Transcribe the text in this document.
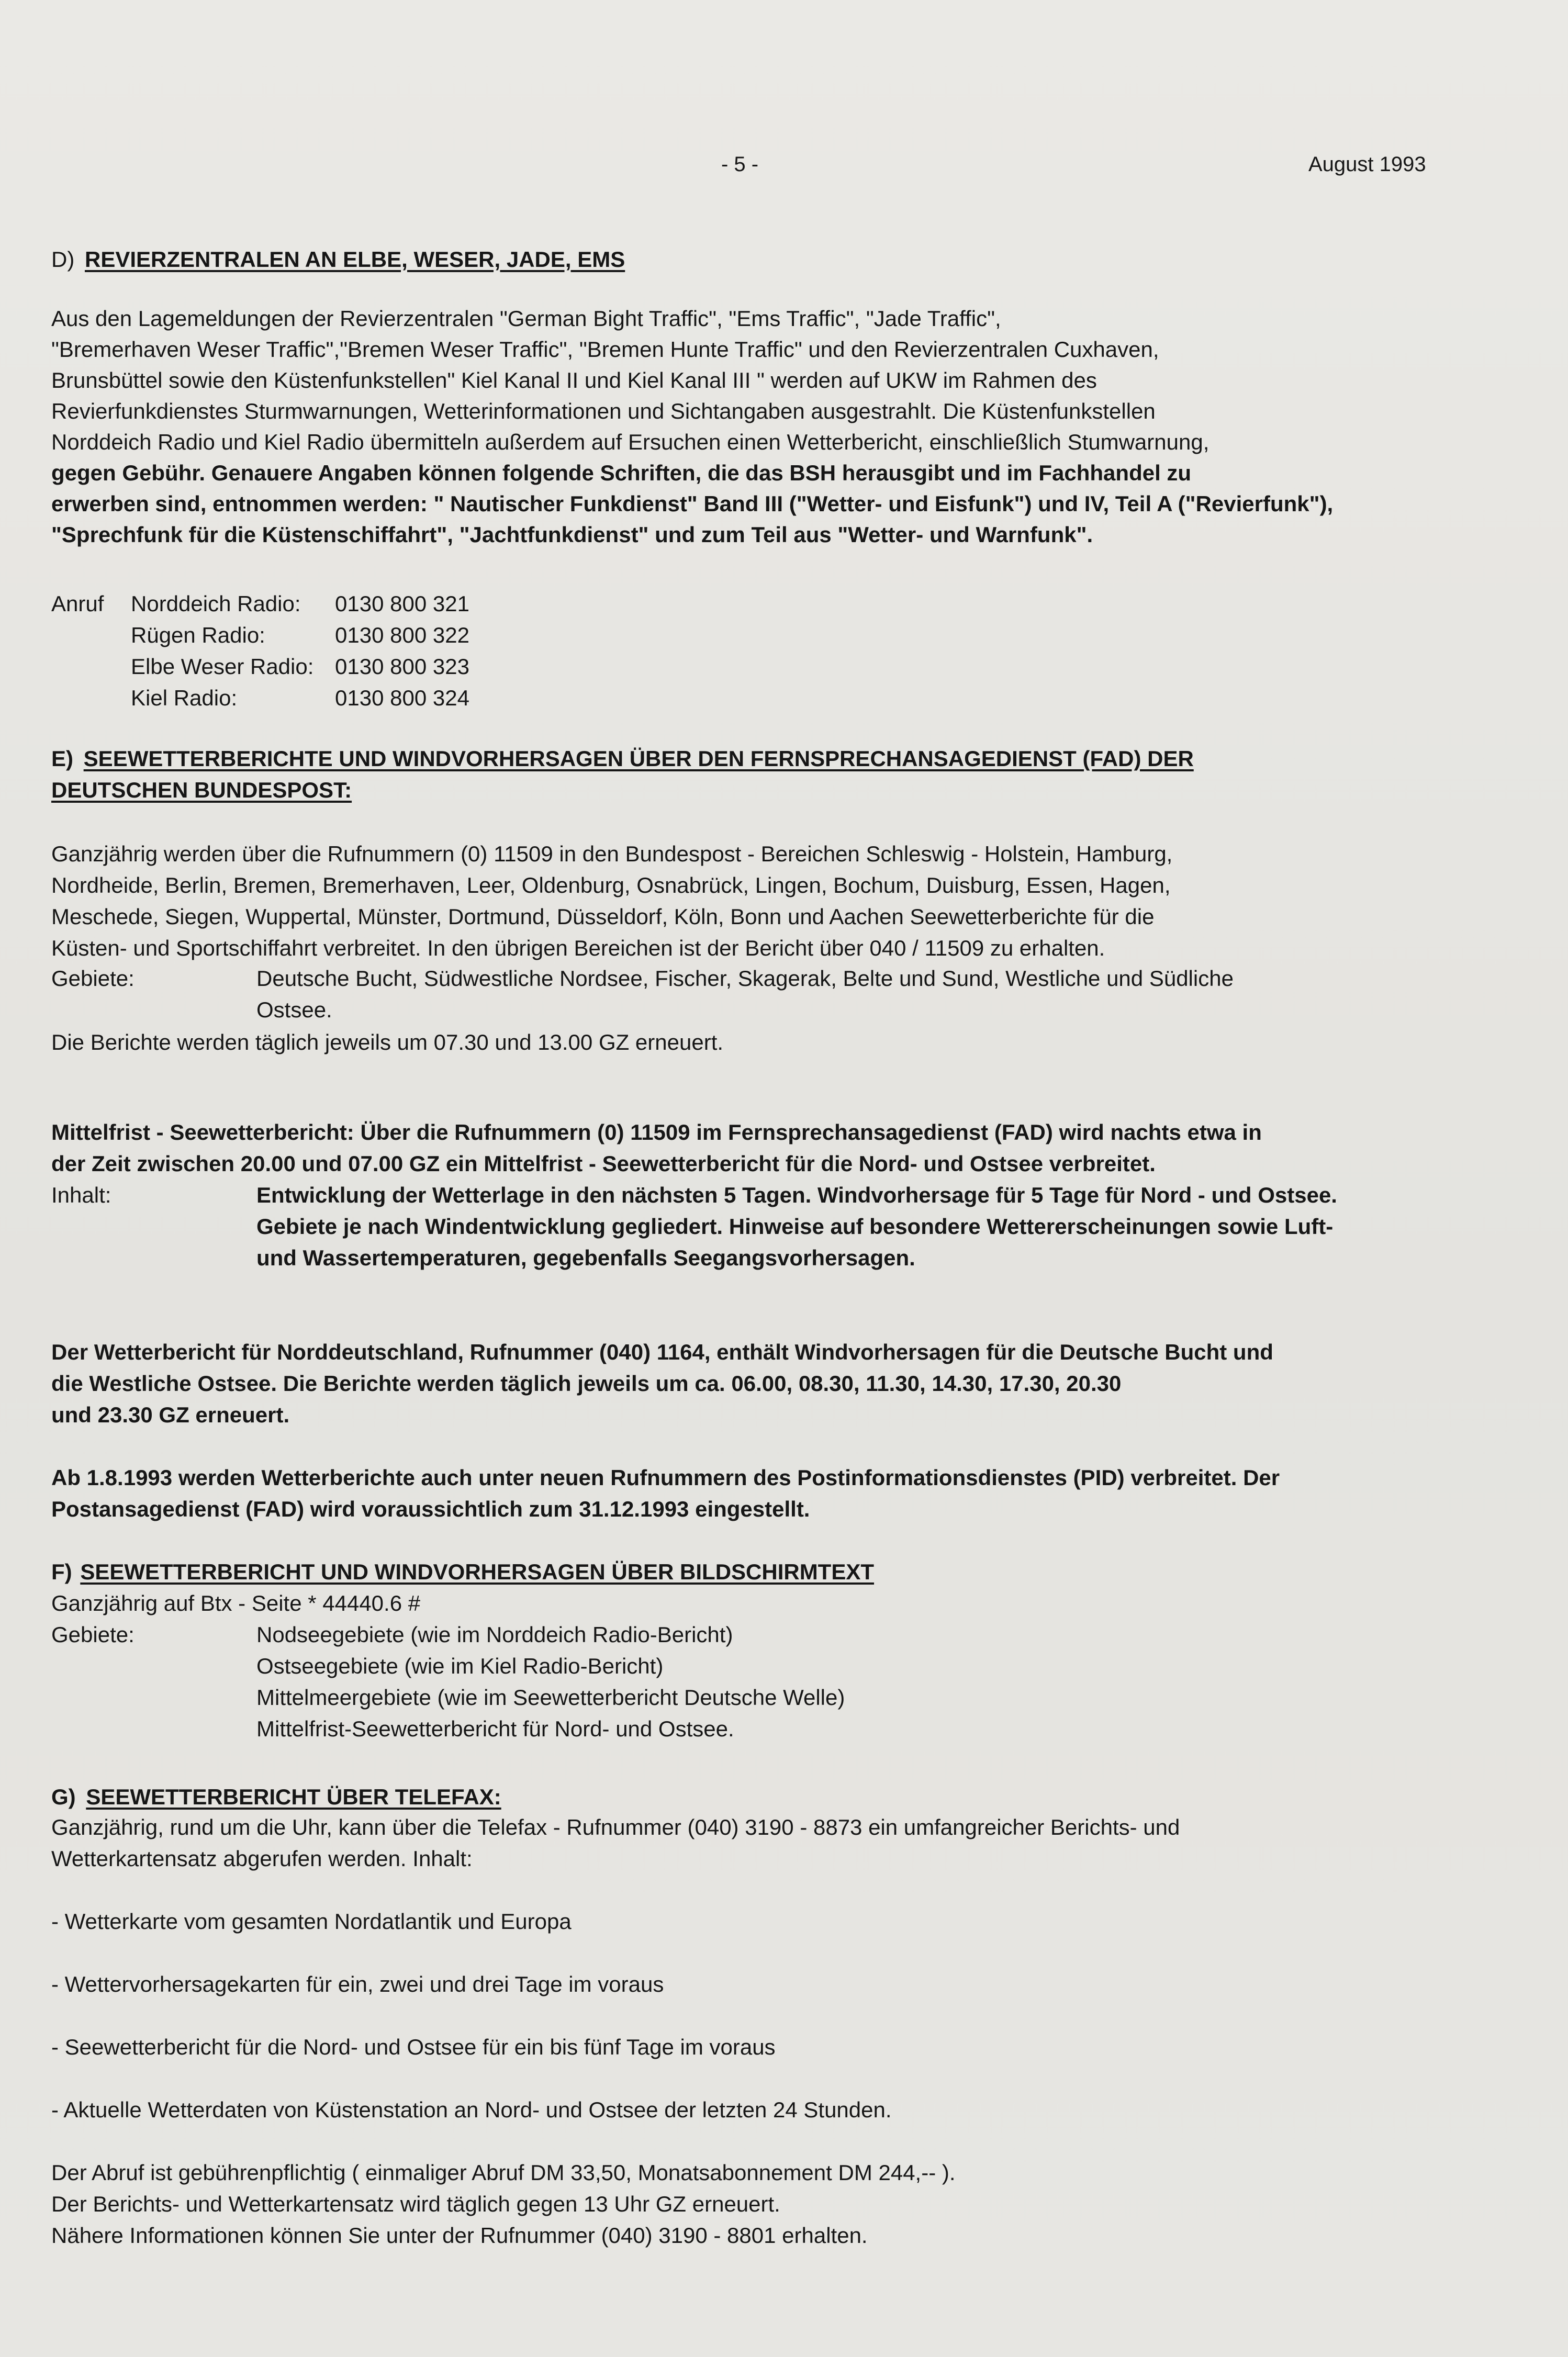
- 5 -	August 1993
D) REVIERZENTRALEN AN ELBE, WESER, JADE, EMS
Aus den Lagemeldungen der Revierzentralen "German Bight Traffic", "Ems Traffic", "Jade Traffic",
"Bremerhaven Weser Traffic","Bremen Weser Traffic", "Bremen Hunte Traffic" und den Revierzentralen Cuxhaven,
Brunsbüttel sowie den Küstenfunkstellen" Kiel Kanal II und Kiel Kanal III " werden auf UKW im Rahmen des
Revierfunkdienstes Sturmwarnungen, Wetterinformationen und Sichtangaben ausgestrahlt. Die Küstenfunkstellen
Norddeich Radio und Kiel Radio übermitteln außerdem auf Ersuchen einen Wetterbericht, einschließlich Stumwarnung,
gegen Gebühr. Genauere Angaben können folgende Schriften, die das BSH herausgibt und im Fachhandel zu
erwerben sind, entnommen werden: " Nautischer Funkdienst" Band III ("Wetter- und Eisfunk") und IV, Teil A ("Revierfunk"),
"Sprechfunk für die Küstenschiffahrt", "Jachtfunkdienst" und zum Teil aus "Wetter- und Warnfunk".
Anruf Norddeich Radio: 0130 800 321
Rügen Radio:	0130 800 322
Elbe Weser Radio: 0130 800 323
Kiel Radio:	0130 800 324
E) SEEWETTERBERICHTE UND WINDVORHERSAGEN ÜBER DEN FERNSPRECHANSAGEDIENST (FAD) DER
DEUTSCHEN BUNDESPOST:
Ganzjährig werden über die Rufnummern (0) 11509 in den Bundespost - Bereichen Schleswig - Holstein, Hamburg,
Nordheide, Berlin, Bremen, Bremerhaven, Leer, Oldenburg, Osnabrück, Lingen, Bochum, Duisburg, Essen, Hagen,
Meschede, Siegen, Wuppertal, Münster, Dortmund, Düsseldorf, Köln, Bonn und Aachen Seewetterberichte für die
Küsten- und Sportschiffahrt verbreitet. In den übrigen Bereichen ist der Bericht über 040 / 11509 zu erhalten.
Gebiete:	Deutsche Bucht, Südwestliche Nordsee, Fischer, Skagerak, Belte und Sund, Westliche und Südliche
Ostsee.
Die Berichte werden täglich jeweils um 07.30 und 13.00 GZ erneuert.
Mittelfrist - Seewetterbericht: Über die Rufnummern (0) 11509 im Fernsprechansagedienst (FAD) wird nachts etwa in
der Zeit zwischen 20.00 und 07.00 GZ ein Mittelfrist - Seewetterbericht für die Nord- und Ostsee verbreitet.
Inhalt:	Entwicklung der Wetterlage in den nächsten 5 Tagen. Windvorhersage für 5 Tage für Nord - und Ostsee.
Gebiete je nach Windentwicklung gegliedert. Hinweise auf besondere Wettererscheinungen sowie Luft-
und Wassertemperaturen, gegebenfalls Seegangsvorhersagen.
Der Wetterbericht für Norddeutschland, Rufnummer (040) 1164, enthält Windvorhersagen für die Deutsche Bucht und
die Westliche Ostsee. Die Berichte werden täglich jeweils um ca. 06.00, 08.30, 11.30, 14.30, 17.30, 20.30
und 23.30 GZ erneuert.
Ab 1.8.1993 werden Wetterberichte auch unter neuen Rufnummern des Postinformationsdienstes (PID) verbreitet. Der
Postansagedienst (FAD) wird voraussichtlich zum 31.12.1993 eingestellt.
F) SEEWETTERBERICHT UND WINDVORHERSAGEN ÜBER BILDSCHIRMTEXT
Ganzjährig auf Btx - Seite * 44440.6 #
Gebiete:	Nodseegebiete (wie im Norddeich Radio-Bericht)
Ostseegebiete (wie im Kiel Radio-Bericht)
Mittelmeergebiete (wie im Seewetterbericht Deutsche Welle)
Mittelfrist-Seewetterbericht für Nord- und Ostsee.
G) SEEWETTERBERICHT ÜBER TELEFAX:
Ganzjährig, rund um die Uhr, kann über die Telefax - Rufnummer (040) 3190 - 8873 ein umfangreicher Berichts- und
Wetterkartensatz abgerufen werden. Inhalt:
- Wetterkarte vom gesamten Nordatlantik und Europa
- Wettervorhersagekarten für ein, zwei und drei Tage im voraus
- Seewetterbericht für die Nord- und Ostsee für ein bis fünf Tage im voraus
- Aktuelle Wetterdaten von Küstenstation an Nord- und Ostsee der letzten 24 Stunden.
Der Abruf ist gebührenpflichtig ( einmaliger Abruf DM 33,50, Monatsabonnement DM 244,-- ).
Der Berichts- und Wetterkartensatz wird täglich gegen 13 Uhr GZ erneuert.
Nähere Informationen können Sie unter der Rufnummer (040) 3190 - 8801 erhalten.
